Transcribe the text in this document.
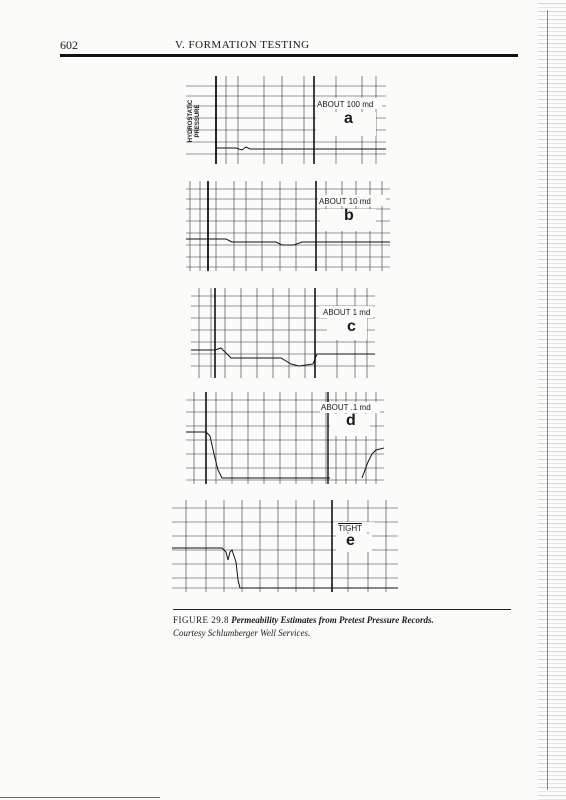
602	V. FORMATION TESTING
HYDROSTATIC PRESSURE	ABOUT 100 md
a
ABOUT 10 md
b
ABOUT 1 md
c
ABOUT .1 md
d
TIGHT
e
FIGURE 29.8 Permeability Estimates from Pretest Pressure Records.
Courtesy Schlumberger Well Services.
